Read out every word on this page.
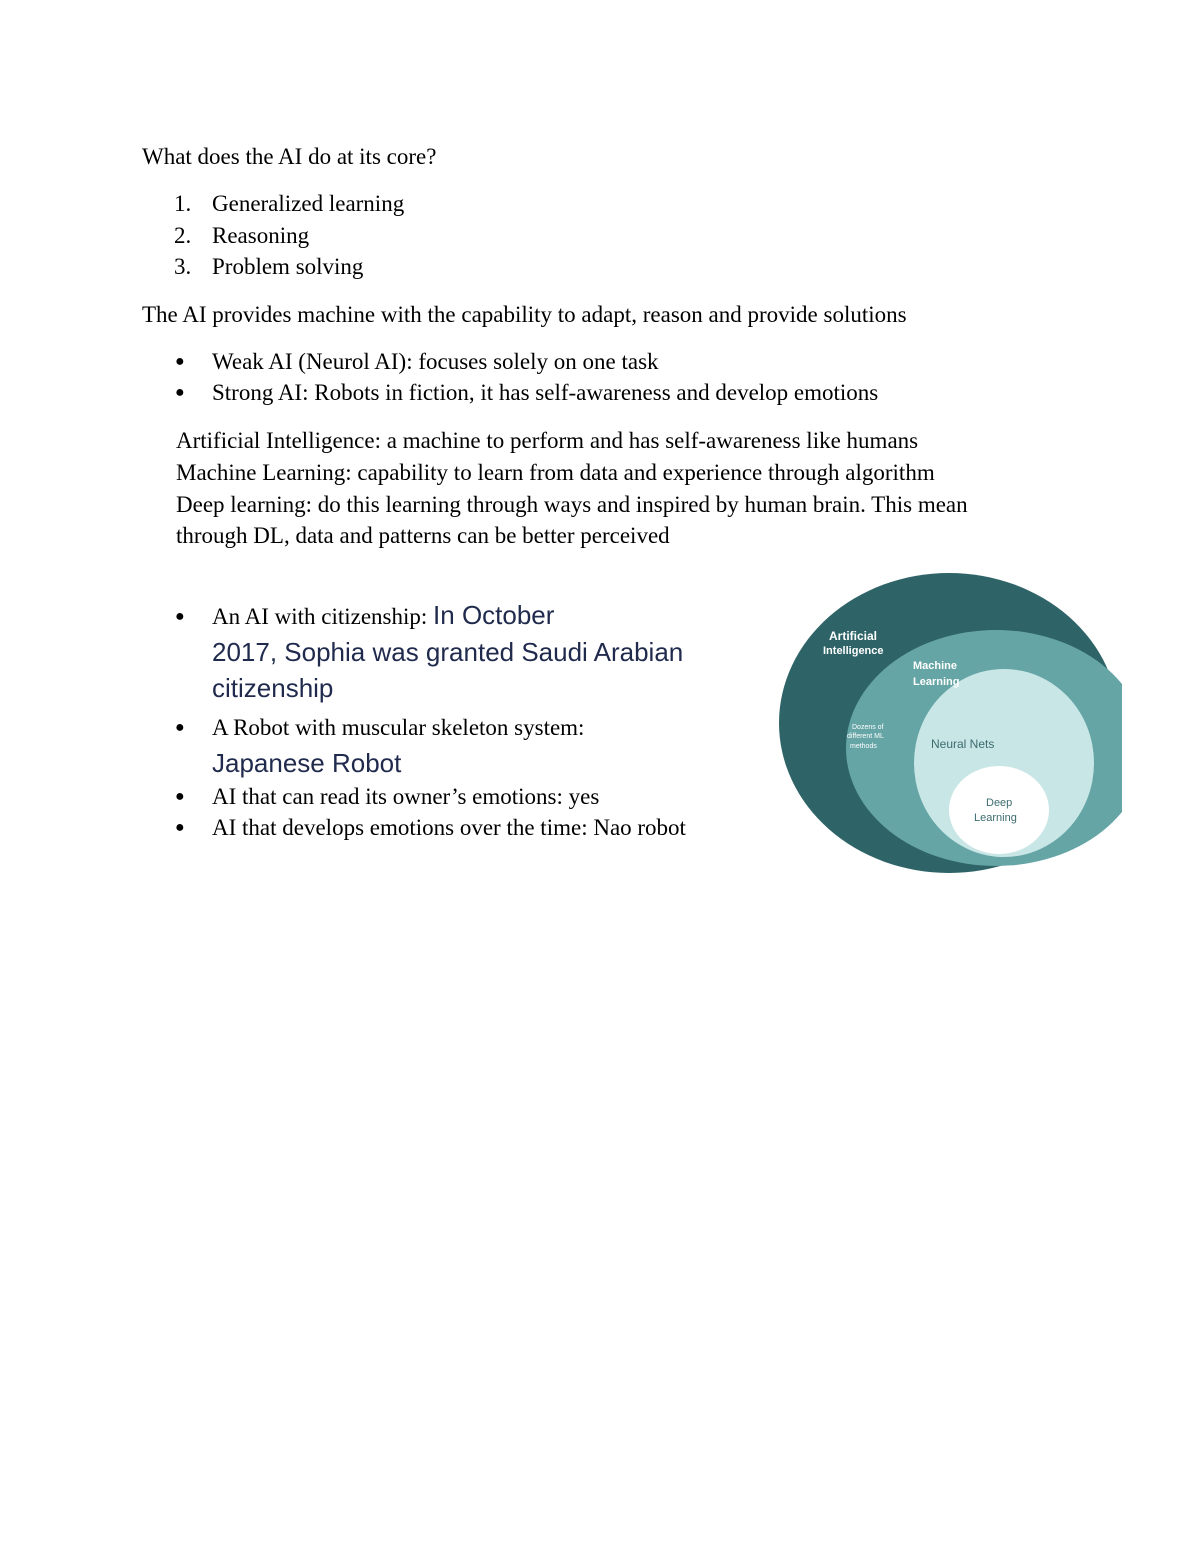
What does the AI do at its core?
1. Generalized learning
2. Reasoning
3. Problem solving
The AI provides machine with the capability to adapt, reason and provide solutions
● Weak AI (Neurol AI): focuses solely on one task
● Strong AI: Robots in fiction, it has self-awareness and develop emotions
Artificial Intelligence: a machine to perform and has self-awareness like humans
Machine Learning: capability to learn from data and experience through algorithm
Deep learning: do this learning through ways and inspired by human brain. This mean
through DL, data and patterns can be better perceived
● An AI with citizenship: In October
2017, Sophia was granted Saudi Arabian
citizenship
● A Robot with muscular skeleton system:
Japanese Robot
● AI that can read its owner’s emotions: yes
● AI that develops emotions over the time: Nao robot
Artificial
Intelligence
Machine
Learning
Dozens of
different ML
methods	Neural Nets
Deep
Learning
